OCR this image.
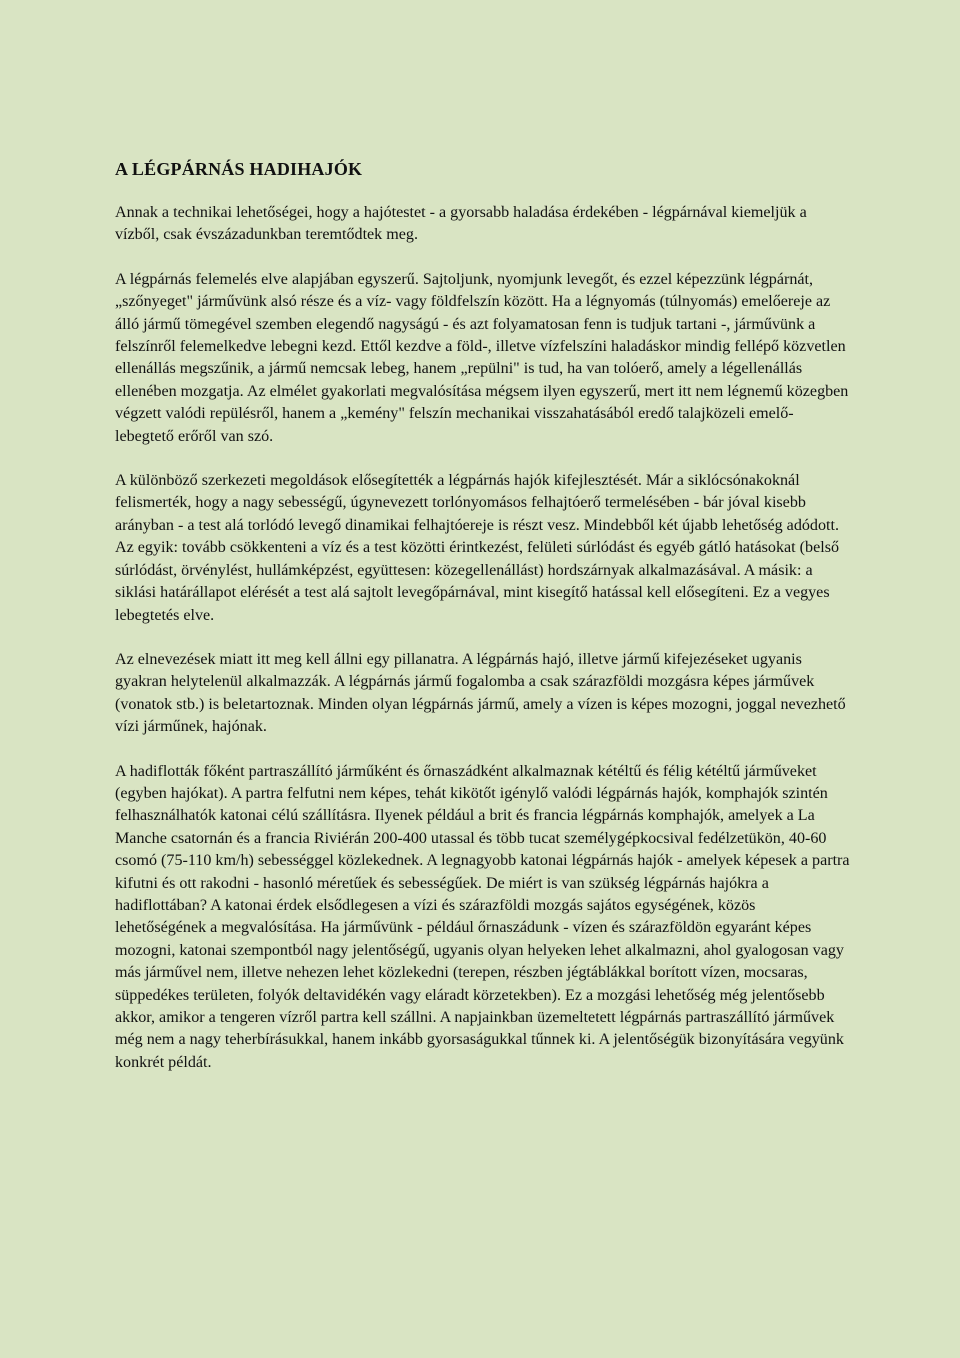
A LÉGPÁRNÁS HADIHAJÓK

Annak a technikai lehetőségei, hogy a hajótestet - a gyorsabb haladása érdekében - légpárnával kiemeljük a vízből, csak évszázadunkban teremtődtek meg.

A légpárnás felemelés elve alapjában egyszerű. Sajtoljunk, nyomjunk levegőt, és ezzel képezzünk légpárnát, „szőnyeget" járművünk alsó része és a víz- vagy földfelszín között. Ha a légnyomás (túlnyomás) emelőereje az álló jármű tömegével szemben elegendő nagyságú - és azt folyamatosan fenn is tudjuk tartani -, járművünk a felszínről felemelkedve lebegni kezd. Ettől kezdve a föld-, illetve vízfelszíni haladáskor mindig fellépő közvetlen ellenállás megszűnik, a jármű nemcsak lebeg, hanem „repülni" is tud, ha van tolóerő, amely a légellenállás ellenében mozgatja. Az elmélet gyakorlati megvalósítása mégsem ilyen egyszerű, mert itt nem légnemű közegben végzett valódi repülésről, hanem a „kemény" felszín mechanikai visszahatásából eredő talajközeli emelő-lebegtető erőről van szó.

A különböző szerkezeti megoldások elősegítették a légpárnás hajók kifejlesztését. Már a siklócsónakoknál felismerték, hogy a nagy sebességű, úgynevezett torlónyomásos felhajtóerő termelésében - bár jóval kisebb arányban - a test alá torlódó levegő dinamikai felhajtóereje is részt vesz. Mindebből két újabb lehetőség adódott. Az egyik: tovább csökkenteni a víz és a test közötti érintkezést, felületi súrlódást és egyéb gátló hatásokat (belső súrlódást, örvénylést, hullámképzést, együttesen: közegellenállást) hordszárnyak alkalmazásával. A másik: a siklási határállapot elérését a test alá sajtolt levegőpárnával, mint kisegítő hatással kell elősegíteni. Ez a vegyes lebegtetés elve.

Az elnevezések miatt itt meg kell állni egy pillanatra. A légpárnás hajó, illetve jármű kifejezéseket ugyanis gyakran helytelenül alkalmazzák. A légpárnás jármű fogalomba a csak szárazföldi mozgásra képes járművek (vonatok stb.) is beletartoznak. Minden olyan légpárnás jármű, amely a vízen is képes mozogni, joggal nevezhető vízi járműnek, hajónak.

A hadiflották főként partraszállító járműként és őrnaszádként alkalmaznak kétéltű és félig kétéltű járműveket (egyben hajókat). A partra felfutni nem képes, tehát kikötőt igénylő valódi légpárnás hajók, komphajók szintén felhasználhatók katonai célú szállításra. Ilyenek például a brit és francia légpárnás komphajók, amelyek a La Manche csatornán és a francia Riviérán 200-400 utassal és több tucat személygépkocsival fedélzetükön, 40-60 csomó (75-110 km/h) sebességgel közlekednek. A legnagyobb katonai légpárnás hajók - amelyek képesek a partra kifutni és ott rakodni - hasonló méretűek és sebességűek. De miért is van szükség légpárnás hajókra a hadiflottában? A katonai érdek elsődlegesen a vízi és szárazföldi mozgás sajátos egységének, közös lehetőségének a megvalósítása. Ha járművünk - például őrnaszádunk - vízen és szárazföldön egyaránt képes mozogni, katonai szempontból nagy jelentőségű, ugyanis olyan helyeken lehet alkalmazni, ahol gyalogosan vagy más járművel nem, illetve nehezen lehet közlekedni (terepen, részben jégtáblákkal borított vízen, mocsaras, süppedékes területen, folyók deltavidékén vagy eláradt körzetekben). Ez a mozgási lehetőség még jelentősebb akkor, amikor a tengeren vízről partra kell szállni. A napjainkban üzemeltetett légpárnás partraszállító járművek még nem a nagy teherbírásukkal, hanem inkább gyorsaságukkal tűnnek ki. A jelentőségük bizonyítására vegyünk konkrét példát.
